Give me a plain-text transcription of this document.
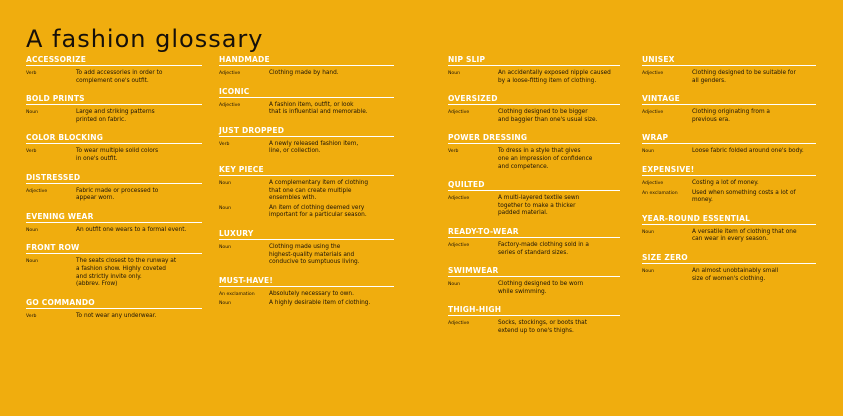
A fashion glossary
ACCESSORIZE
Verb	To add accessories in order to
complement one's outfit.
BOLD PRINTS
Noun	Large and striking patterns
printed on fabric.
COLOR BLOCKING
Verb	To wear multiple solid colors
in one's outfit.
DISTRESSED
Adjective	Fabric made or processed to
appear worn.
EVENING WEAR
Noun	An outfit one wears to a formal event.
FRONT ROW
Noun	The seats closest to the runway at
a fashion show. Highly coveted
and strictly invite only.
(abbrev. Frow)
GO COMMANDO
Verb	To not wear any underwear.
HANDMADE
Adjective	Clothing made by hand.
ICONIC
Adjective	A fashion item, outfit, or look
that is influential and memorable.
JUST DROPPED
Verb	A newly released fashion item,
line, or collection.
KEY PIECE
Noun	A complementary item of clothing
that one can create multiple
ensembles with.
Noun	An item of clothing deemed very
important for a particular season.
LUXURY
Noun	Clothing made using the
highest-quality materials and
conducive to sumptuous living.
MUST-HAVE!
An exclamation	Absolutely necessary to own.
Noun	A highly desirable item of clothing.
NIP SLIP
Noun	An accidentally exposed nipple caused
by a loose-fitting item of clothing.
OVERSIZED
Adjective	Clothing designed to be bigger
and baggier than one's usual size.
POWER DRESSING
Verb	To dress in a style that gives
one an impression of confidence
and competence.
QUILTED
Adjective	A multi-layered textile sewn
together to make a thicker
padded material.
READY-TO-WEAR
Adjective	Factory-made clothing sold in a
series of standard sizes.
SWIMWEAR
Noun	Clothing designed to be worn
while swimming.
THIGH-HIGH
Adjective	Socks, stockings, or boots that
extend up to one's thighs.
UNISEX
Adjective	Clothing designed to be suitable for
all genders.
VINTAGE
Adjective	Clothing originating from a
previous era.
WRAP
Noun	Loose fabric folded around one's body.
EXPENSIVE!
Adjective	Costing a lot of money.
An exclamation	Used when something costs a lot of
money.
YEAR-ROUND ESSENTIAL
Noun	A versatile item of clothing that one
can wear in every season.
SIZE ZERO
Noun	An almost unobtainably small
size of women's clothing.
